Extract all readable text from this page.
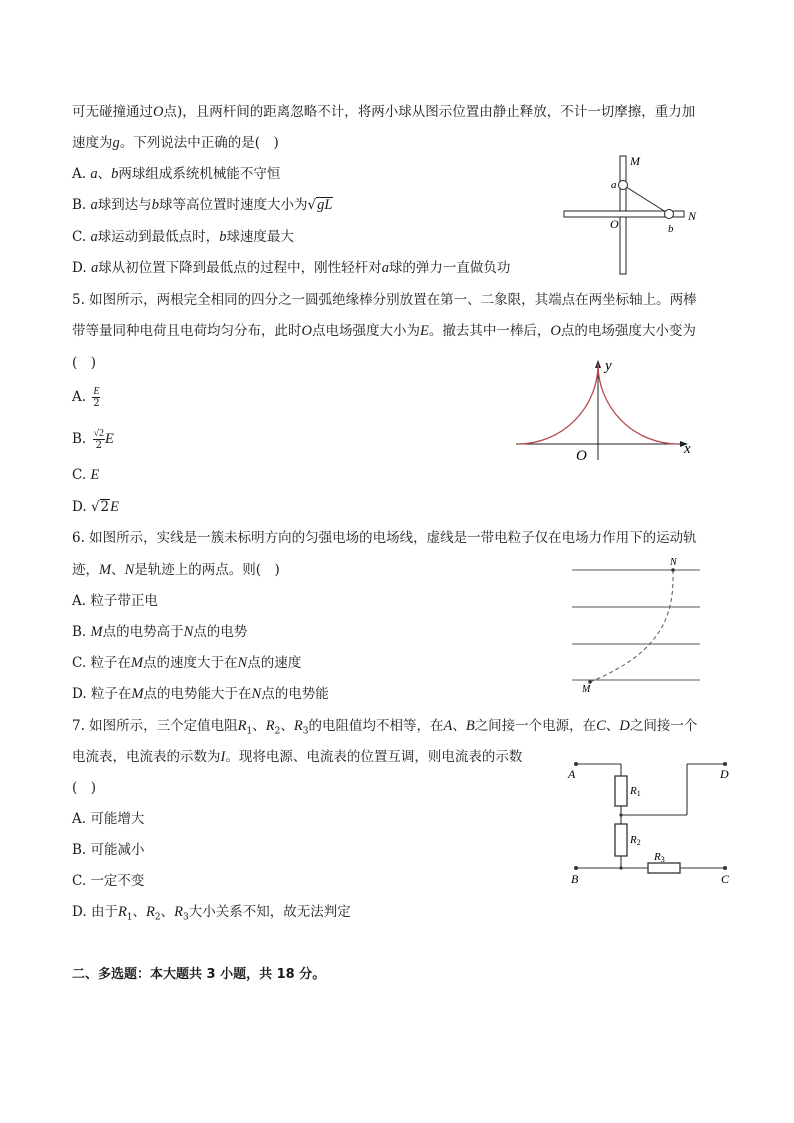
可无碰撞通过O点)，且两杆间的距离忽略不计，将两小球从图示位置由静止释放，不计一切摩擦，重力加
速度为g。下列说法中正确的是(　)
A. a、b两球组成系统机械能不守恒
B. a球到达与b球等高位置时速度大小为√gL
C. a球运动到最低点时，b球速度最大
D. a球从初位置下降到最低点的过程中，刚性轻杆对a球的弹力一直做负功
M
a
O	b
N
5. 如图所示，两根完全相同的四分之一圆弧绝缘棒分别放置在第一、二象限，其端点在两坐标轴上。两棒
带等量同种电荷且电荷均匀分布，此时O点电场强度大小为E。撤去其中一棒后，O点的电场强度大小变为
(　)
A. $\frac{E}{2}$
B. $\frac{√2}{2}$ E
C. E
D. √2E
y
x
O
6. 如图所示，实线是一簇未标明方向的匀强电场的电场线，虚线是一带电粒子仅在电场力作用下的运动轨
迹，M、N是轨迹上的两点。则(　)
A. 粒子带正电
B. M点的电势高于N点的电势
C. 粒子在M点的速度大于在N点的速度
D. 粒子在M点的电势能大于在N点的电势能
N
M
7. 如图所示，三个定值电阻$R_1$、$R_2$、$R_3$的电阻值均不相等，在A、B之间接一个电源，在C、D之间接一个
电流表，电流表的示数为I。现将电源、电流表的位置互调，则电流表的示数
(　)
A. 可能增大
B. 可能减小
C. 一定不变
D. 由于$R_1$、$R_2$、$R_3$大小关系不知，故无法判定
A	D
B	C
R1
R2
R3
二、多选题：本大题共 3 小题，共 18 分。
